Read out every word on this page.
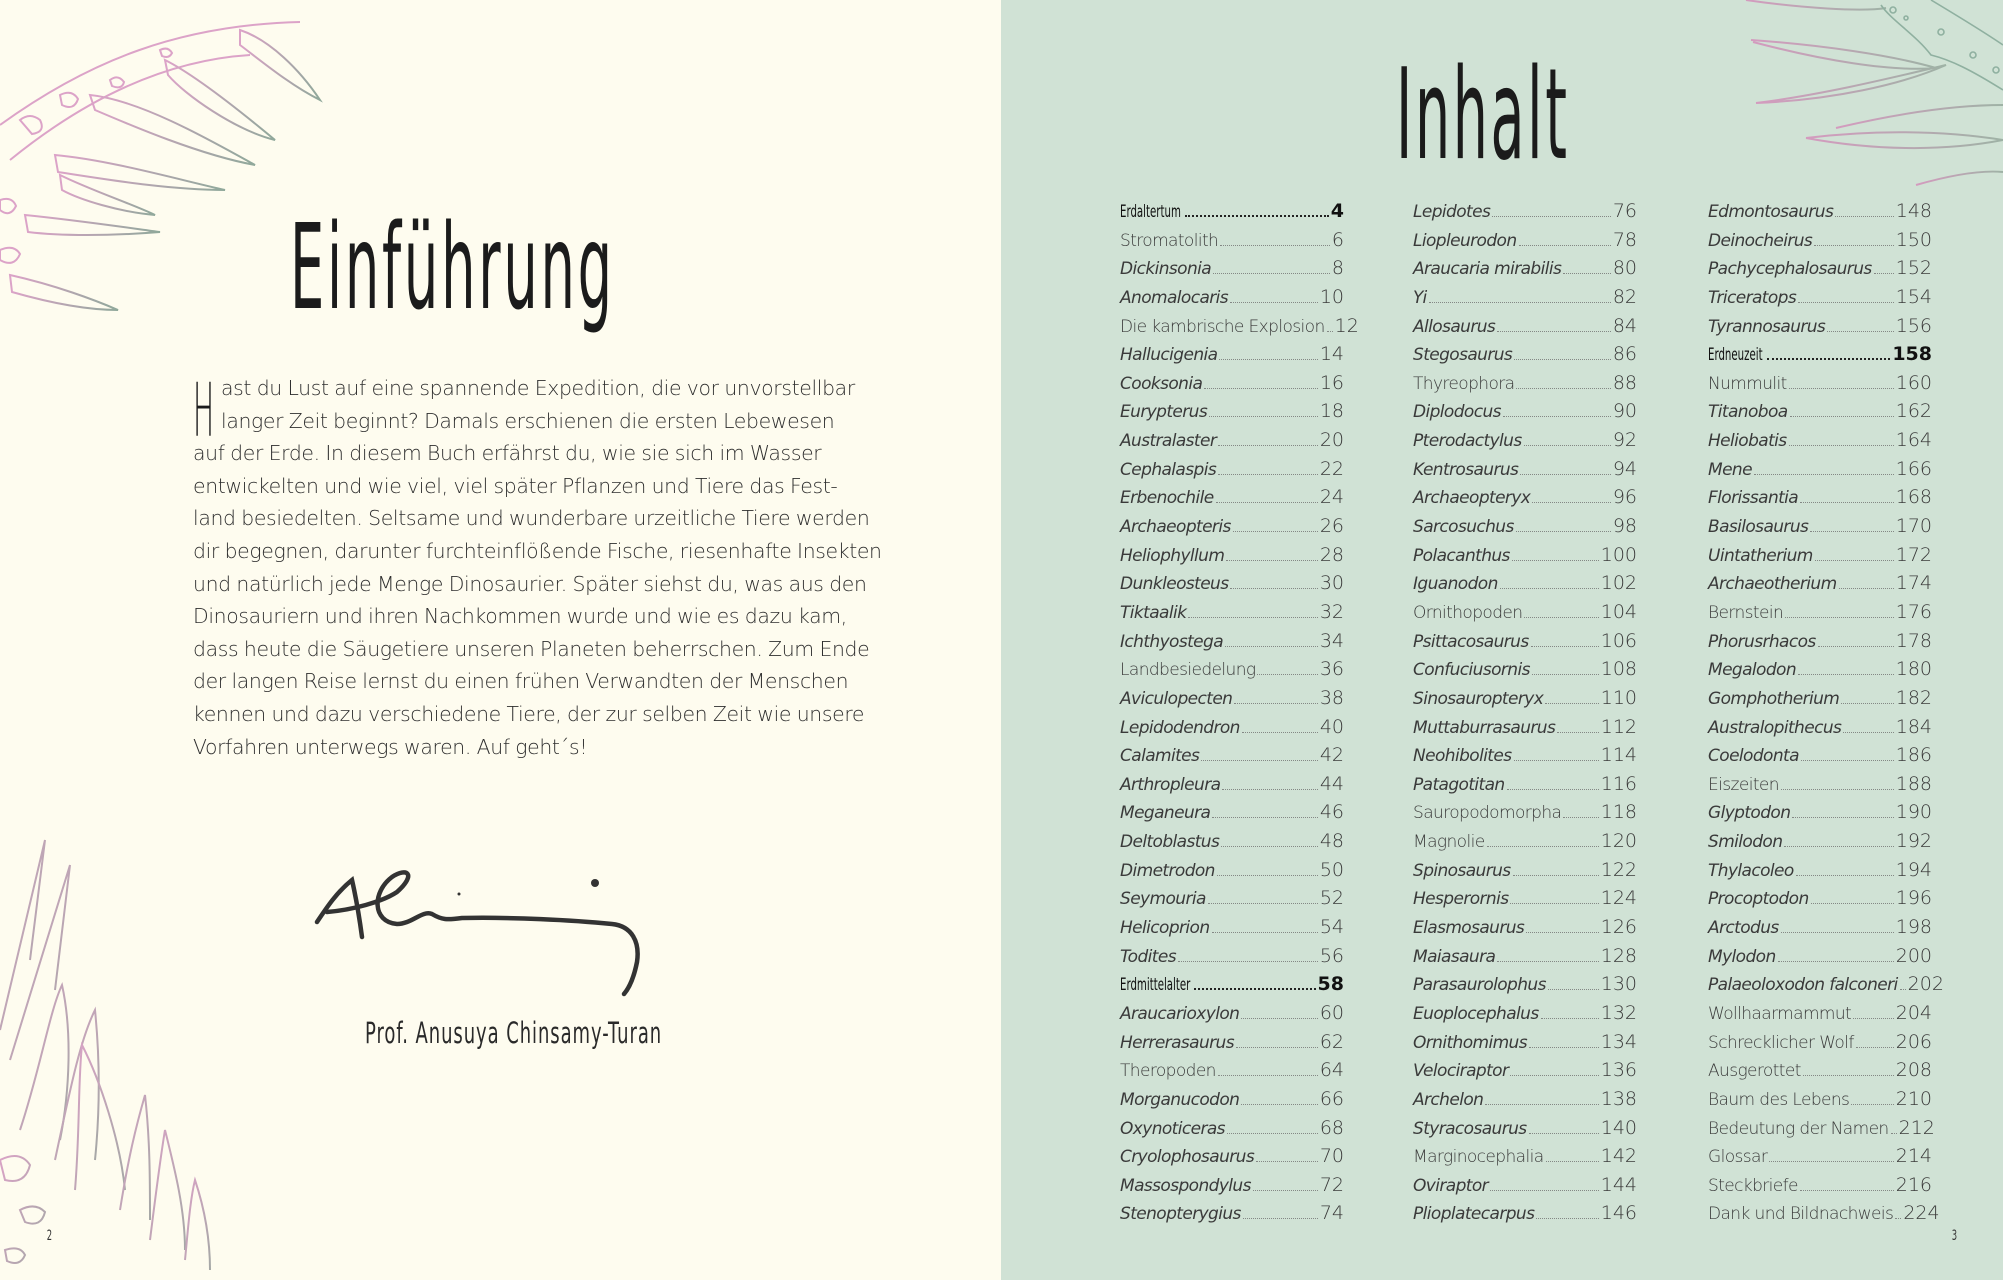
Einführung
H ast du Lust auf eine spannende Expedition, die vor unvorstellbar
langer Zeit beginnt? Damals erschienen die ersten Lebewesen
auf der Erde. In diesem Buch erfährst du, wie sie sich im Wasser
entwickelten und wie viel, viel später Pflanzen und Tiere das Fest-
land besiedelten. Seltsame und wunderbare urzeitliche Tiere werden
dir begegnen, darunter furchteinflößende Fische, riesenhafte Insekten
und natürlich jede Menge Dinosaurier. Später siehst du, was aus den
Dinosauriern und ihren Nachkommen wurde und wie es dazu kam,
dass heute die Säugetiere unseren Planeten beherrschen. Zum Ende
der langen Reise lernst du einen frühen Verwandten der Menschen
kennen und dazu verschiedene Tiere, der zur selben Zeit wie unsere
Vorfahren unterwegs waren. Auf geht´s!
Prof. Anusuya Chinsamy-Turan
2
Inhalt
3
Erdaltertum	4
Stromatolith	6
Dickinsonia	8
Anomalocaris	10
Die kambrische Explosion 12
Hallucigenia	14
Cooksonia	16
Eurypterus	18
Australaster	20
Cephalaspis	22
Erbenochile	24
Archaeopteris	26
Heliophyllum	28
Dunkleosteus	30
Tiktaalik	32
Ichthyostega	34
Landbesiedelung	36
Aviculopecten	38
Lepidodendron	40
Calamites	42
Arthropleura	44
Meganeura	46
Deltoblastus	48
Dimetrodon	50
Seymouria	52
Helicoprion	54
Todites	56
Erdmittelalter	58
Araucarioxylon	60
Herrerasaurus	62
Theropoden	64
Morganucodon	66
Oxynoticeras	68
Cryolophosaurus	70
Massospondylus	72
Stenopterygius	74
Lepidotes	76
Liopleurodon	78
Araucaria mirabilis	80
Yi	82
Allosaurus	84
Stegosaurus	86
Thyreophora	88
Diplodocus	90
Pterodactylus	92
Kentrosaurus	94
Archaeopteryx	96
Sarcosuchus	98
Polacanthus	100
Iguanodon	102
Ornithopoden	104
Psittacosaurus	106
Confuciusornis	108
Sinosauropteryx	110
Muttaburrasaurus 112
Neohibolites	114
Patagotitan	116
Sauropodomorpha 118
Magnolie	120
Spinosaurus	122
Hesperornis	124
Elasmosaurus	126
Maiasaura	128
Parasaurolophus	130
Euoplocephalus	132
Ornithomimus	134
Velociraptor	136
Archelon	138
Styracosaurus	140
Marginocephalia	142
Oviraptor	144
Plioplatecarpus	146
Edmontosaurus	148
Deinocheirus	150
Pachycephalosaurus 152
Triceratops	154
Tyrannosaurus	156
Erdneuzeit	158
Nummulit	160
Titanoboa	162
Heliobatis	164
Mene	166
Florissantia	168
Basilosaurus	170
Uintatherium	172
Archaeotherium	174
Bernstein	176
Phorusrhacos	178
Megalodon	180
Gomphotherium	182
Australopithecus	184
Coelodonta	186
Eiszeiten	188
Glyptodon	190
Smilodon	192
Thylacoleo	194
Procoptodon	196
Arctodus	198
Mylodon	200
Palaeoloxodon falconeri 202
Wollhaarmammut 204
Schrecklicher Wolf 206
Ausgerottet	208
Baum des Lebens 210
Bedeutung der Namen 212
Glossar	214
Steckbriefe	216
Dank und Bildnachweis 224
